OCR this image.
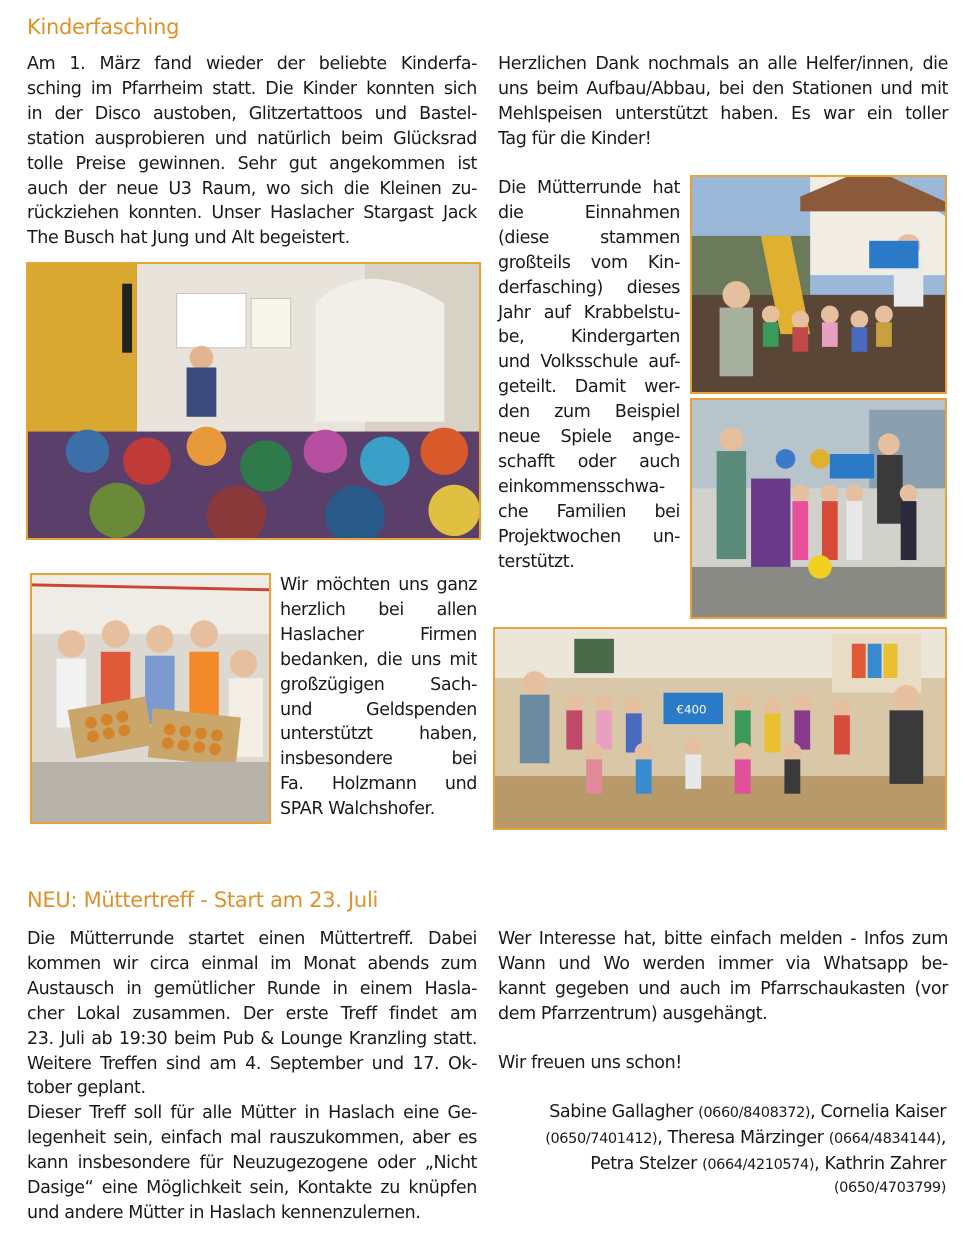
Kinderfasching
Am 1. März fand wieder der beliebte Kinderfa-
sching im Pfarrheim statt. Die Kinder konnten sich
in der Disco austoben, Glitzertattoos und Bastel-
station ausprobieren und natürlich beim Glücksrad
tolle Preise gewinnen. Sehr gut angekommen ist
auch der neue U3 Raum, wo sich die Kleinen zu-
rückziehen konnten. Unser Haslacher Stargast Jack
The Busch hat Jung und Alt begeistert.
Herzlichen Dank nochmals an alle Helfer/innen, die
uns beim Aufbau/Abbau, bei den Stationen und mit
Mehlspeisen unterstützt haben. Es war ein toller
Tag für die Kinder!
Wir möchten uns ganz
herzlich bei allen
Haslacher Firmen
bedanken, die uns mit
großzügigen Sach-
und Geldspenden
unterstützt haben,
insbesondere bei
Fa. Holzmann und
SPAR Walchshofer.
Die Mütterrunde hat
die Einnahmen
(diese stammen
großteils vom Kin-
derfasching) dieses
Jahr auf Krabbelstu-
be, Kindergarten
und Volksschule auf-
geteilt. Damit wer-
den zum Beispiel
neue Spiele ange-
schafft oder auch
einkommensschwa-
che Familien bei
Projektwochen un-
terstützt.
€400
NEU: Müttertreff - Start am 23. Juli
Die Mütterrunde startet einen Müttertreff. Dabei
kommen wir circa einmal im Monat abends zum
Austausch in gemütlicher Runde in einem Hasla-
cher Lokal zusammen. Der erste Treff findet am
23. Juli ab 19:30 beim Pub & Lounge Kranzling statt.
Weitere Treffen sind am 4. September und 17. Ok-
tober geplant.
Dieser Treff soll für alle Mütter in Haslach eine Ge-
legenheit sein, einfach mal rauszukommen, aber es
kann insbesondere für Neuzugezogene oder „Nicht
Dasige“ eine Möglichkeit sein, Kontakte zu knüpfen
und andere Mütter in Haslach kennenzulernen.
Wer Interesse hat, bitte einfach melden - Infos zum
Wann und Wo werden immer via Whatsapp be-
kannt gegeben und auch im Pfarrschaukasten (vor
dem Pfarrzentrum) ausgehängt.
Wir freuen uns schon!
Sabine Gallagher (0660/8408372), Cornelia Kaiser
(0650/7401412), Theresa Märzinger (0664/4834144),
Petra Stelzer (0664/4210574), Kathrin Zahrer
(0650/4703799)
